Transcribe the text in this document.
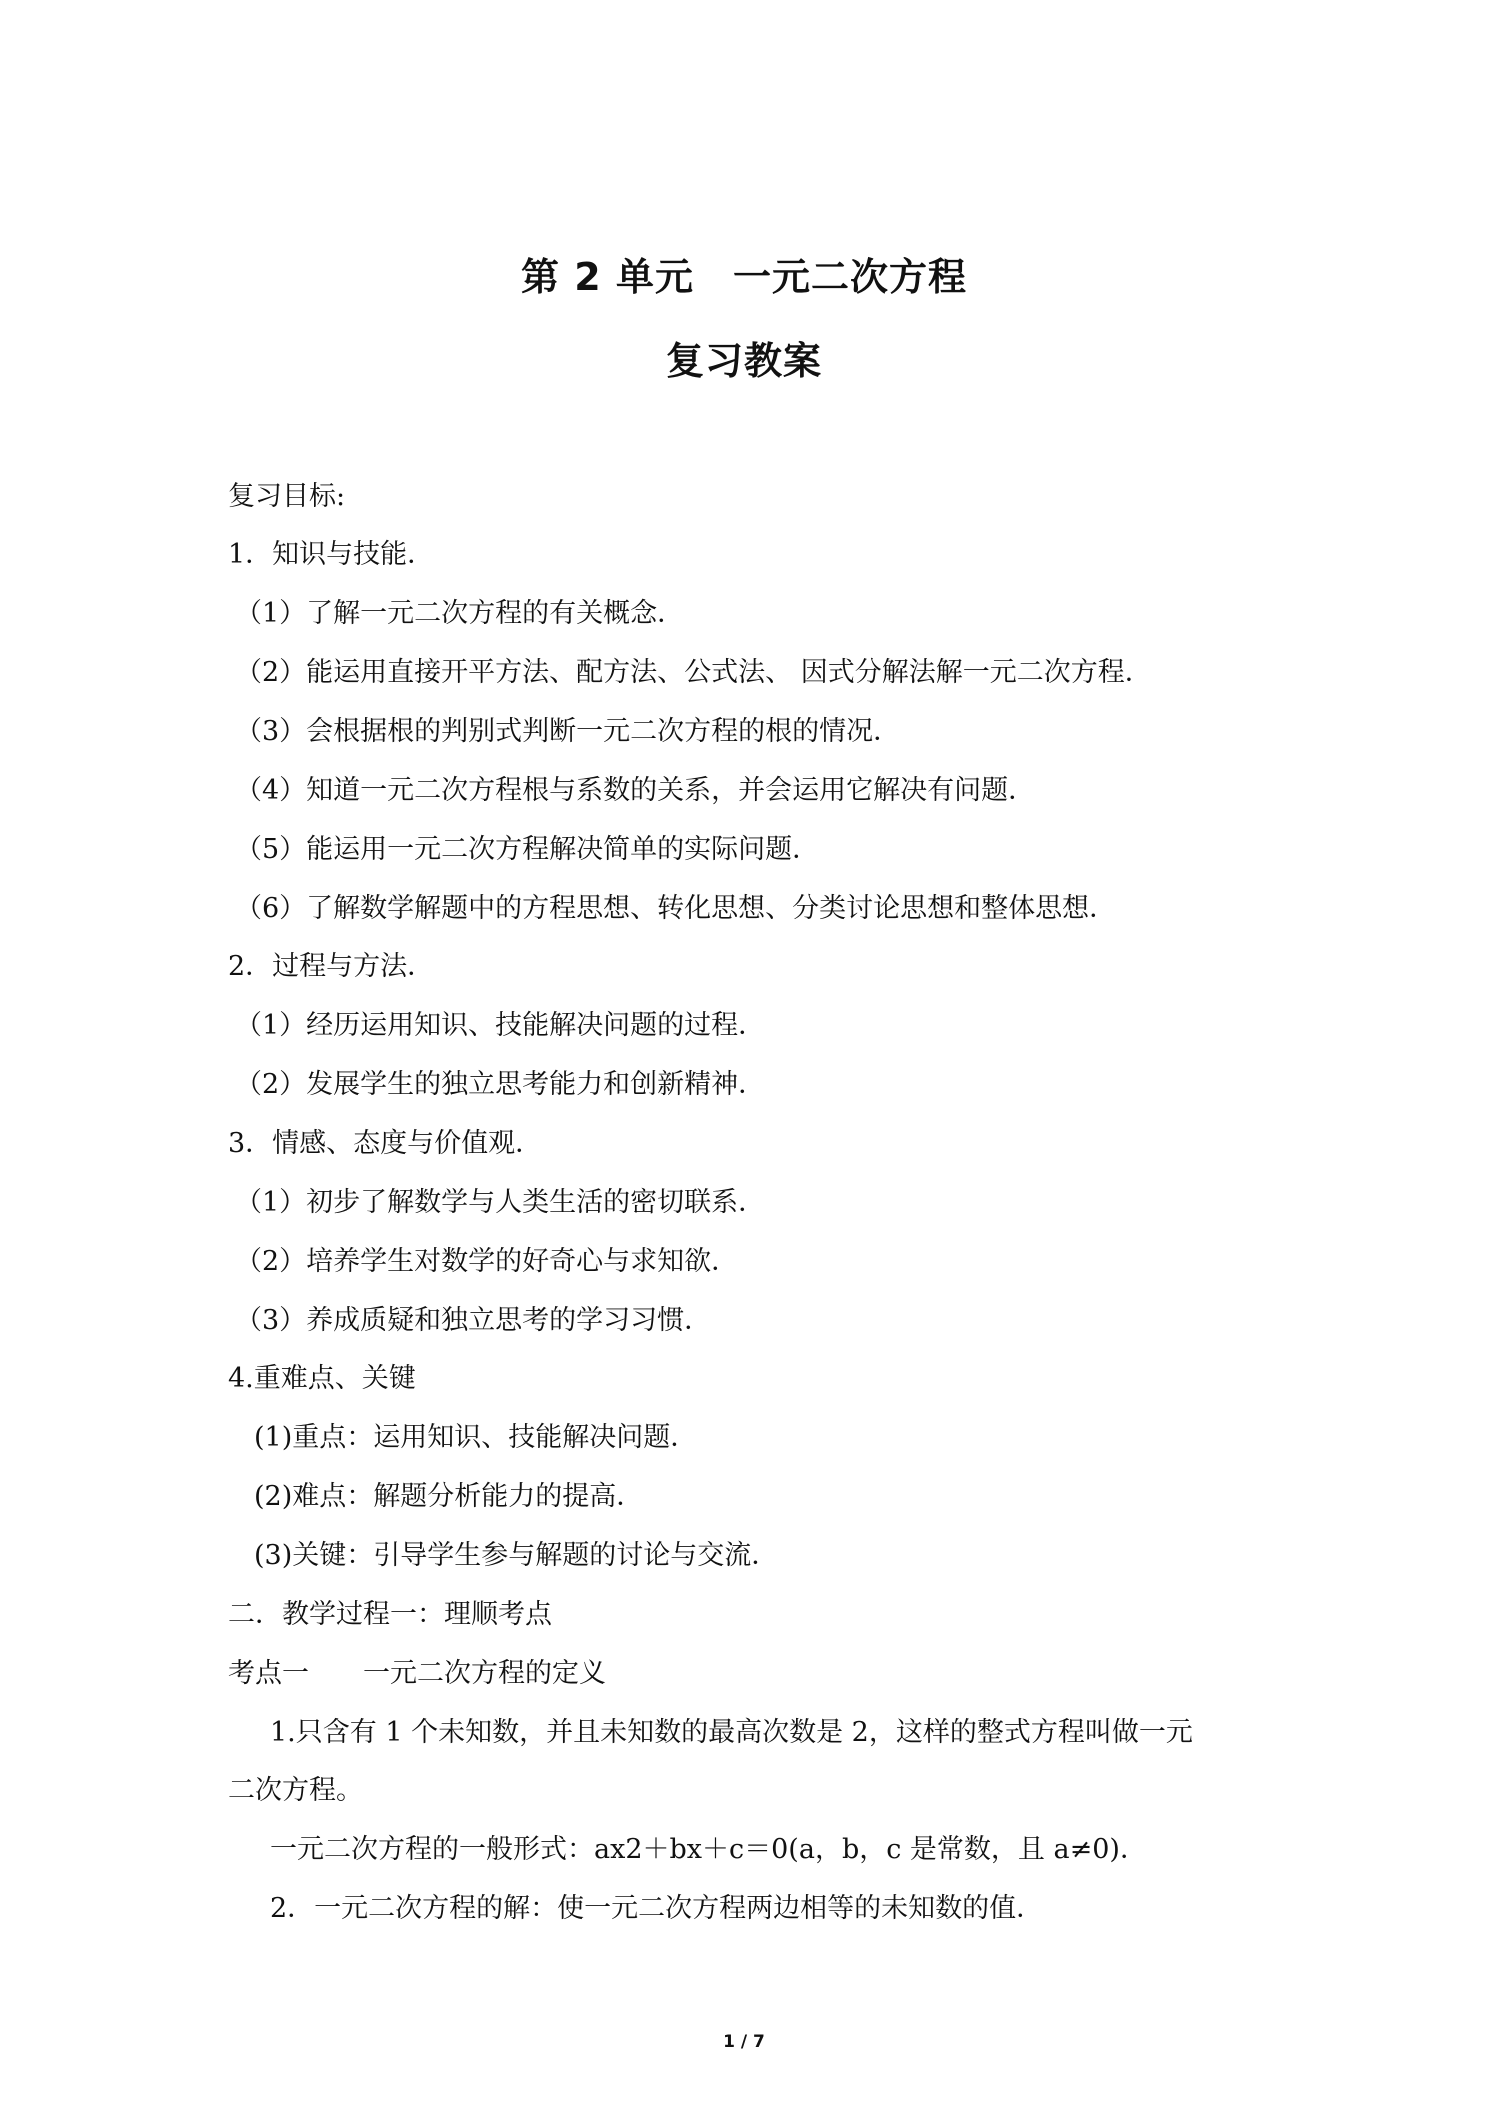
第 2 单元　一元二次方程
复习教案
复习目标:
1．知识与技能．
（1）了解一元二次方程的有关概念．
（2）能运用直接开平方法、配方法、公式法、 因式分解法解一元二次方程．
（3）会根据根的判别式判断一元二次方程的根的情况．
（4）知道一元二次方程根与系数的关系，并会运用它解决有问题．
（5）能运用一元二次方程解决简单的实际问题．
（6）了解数学解题中的方程思想、转化思想、分类讨论思想和整体思想．
2．过程与方法．
（1）经历运用知识、技能解决问题的过程．
（2）发展学生的独立思考能力和创新精神．
3．情感、态度与价值观．
（1）初步了解数学与人类生活的密切联系．
（2）培养学生对数学的好奇心与求知欲．
（3）养成质疑和独立思考的学习习惯．
4.重难点、关键
(1)重点：运用知识、技能解决问题．
(2)难点：解题分析能力的提高．
(3)关键：引导学生参与解题的讨论与交流．
二．教学过程一：理顺考点
考点一　　一元二次方程的定义
1.只含有 1 个未知数，并且未知数的最高次数是 2，这样的整式方程叫做一元
二次方程。
一元二次方程的一般形式：ax2＋bx＋c＝0(a，b，c 是常数，且 a≠0)．
2．一元二次方程的解：使一元二次方程两边相等的未知数的值．
1 / 7
